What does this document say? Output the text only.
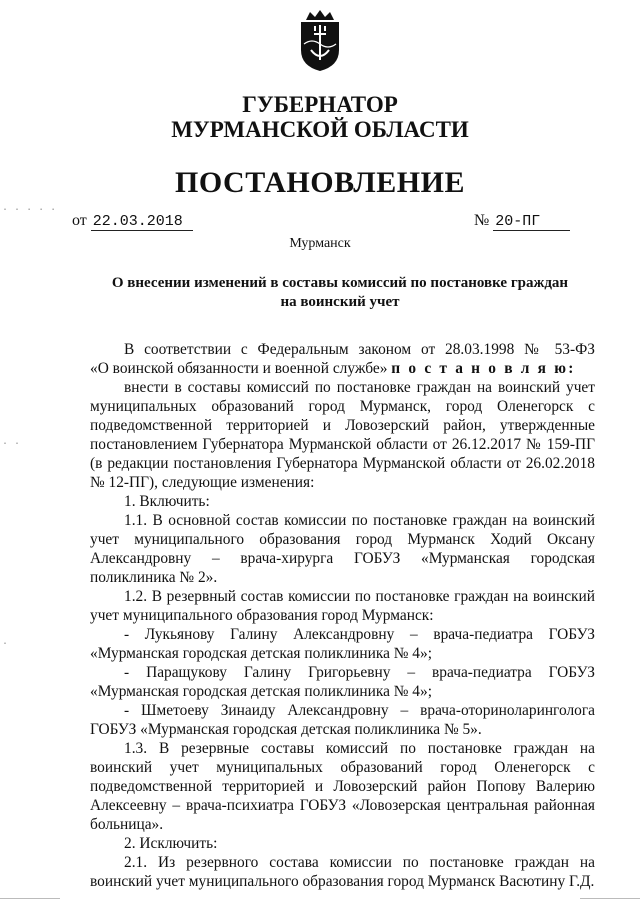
ГУБЕРНАТОР
МУРМАНСКОЙ ОБЛАСТИ
ПОСТАНОВЛЕНИЕ
от 22.03.2018	№ 20-ПГ
Мурманск
О внесении изменений в составы комиссий по постановке граждан
на воинский учет

В соответствии с Федеральным законом от 28.03.1998 № 53-ФЗ

«О воинской обязанности и военной службе» п о с т а н о в л я ю:

внести в составы комиссий по постановке граждан на воинский учет муниципальных образований город Мурманск, город Оленегорск с подведомственной территорией и Ловозерский район, утвержденные постановлением Губернатора Мурманской области от 26.12.2017 № 159-ПГ (в редакции постановления Губернатора Мурманской области от 26.02.2018 № 12-ПГ), следующие изменения:

1. Включить:

1.1. В основной состав комиссии по постановке граждан на воинский учет муниципального образования город Мурманск Ходий Оксану Александровну – врача-хирурга ГОБУЗ «Мурманская городская поликлиника № 2».

1.2. В резервный состав комиссии по постановке граждан на воинский учет муниципального образования город Мурманск:

- Лукьянову Галину Александровну – врача-педиатра ГОБУЗ «Мурманская городская детская поликлиника № 4»;

- Паращукову Галину Григорьевну – врача-педиатра ГОБУЗ «Мурманская городская детская поликлиника № 4»;

- Шметоеву Зинаиду Александровну – врача-оториноларинголога ГОБУЗ «Мурманская городская детская поликлиника № 5».

1.3. В резервные составы комиссий по постановке граждан на воинский учет муниципальных образований город Оленегорск с подведомственной территорией и Ловозерский район Попову Валерию Алексеевну – врача-психиатра ГОБУЗ «Ловозерская центральная районная больница».

2. Исключить:

2.1. Из резервного состава комиссии по постановке граждан на воинский учет муниципального образования город Мурманск Васютину Г.Д.

. . . . .
. .
.
